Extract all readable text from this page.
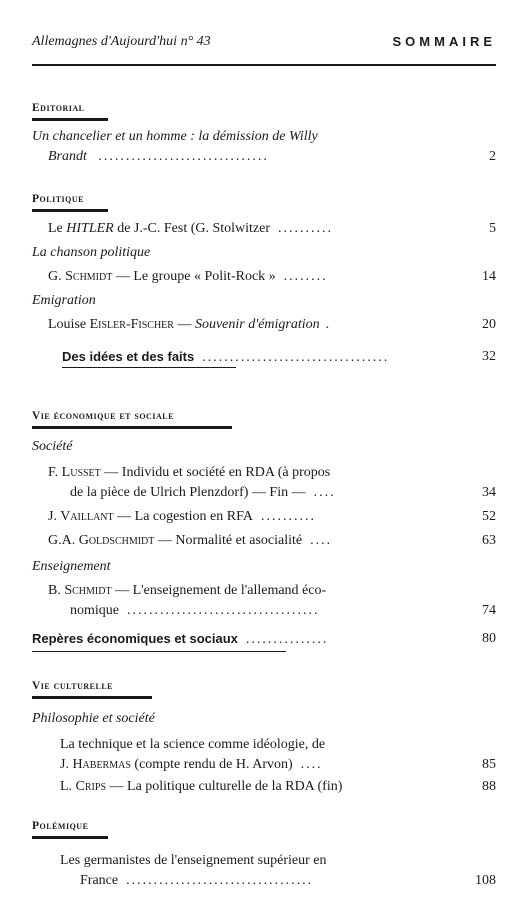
Allemagnes d'Aujourd'hui n° 43	SOMMAIRE
Editorial
Un chancelier et un homme : la démission de Willy
Brandt ...............................	2
Politique
Le HITLER de J.-C. Fest (G. Stolwitzer ..........	5
La chanson politique
G. Schmidt — Le groupe « Polit-Rock » ........	14
Emigration
Louise Eisler-Fischer — Souvenir d'émigration .	20
Des idées et des faits ..................................	32
Vie économique et sociale
Société
F. Lusset — Individu et société en RDA (à propos
de la pièce de Ulrich Plenzdorf) — Fin — ....	34
J. Vaillant — La cogestion en RFA ..........	52
G.A. Goldschmidt — Normalité et asocialité ....	63
Enseignement
B. Schmidt — L'enseignement de l'allemand éco-
nomique ...................................	74
Repères économiques et sociaux ...............	80
Vie culturelle
Philosophie et société
La technique et la science comme idéologie, de
J. Habermas (compte rendu de H. Arvon) ....	85
L. Crips — La politique culturelle de la RDA (fin)	88
Polémique
Les germanistes de l'enseignement supérieur en
France ..................................	108
